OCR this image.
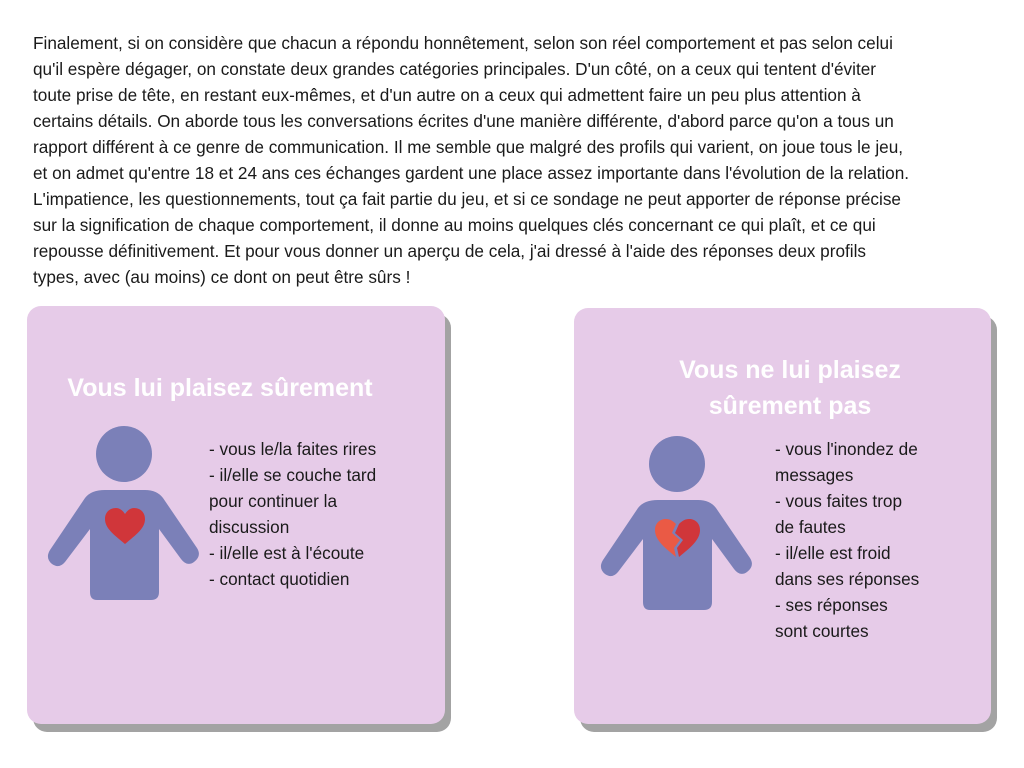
Finalement, si on considère que chacun a répondu honnêtement, selon son réel comportement et pas selon celui
qu'il espère dégager, on constate deux grandes catégories principales. D'un côté, on a ceux qui tentent d'éviter
toute prise de tête, en restant eux-mêmes, et d'un autre on a ceux qui admettent faire un peu plus attention à
certains détails. On aborde tous les conversations écrites d'une manière différente, d'abord parce qu'on a tous un
rapport différent à ce genre de communication. Il me semble que malgré des profils qui varient, on joue tous le jeu,
et on admet qu'entre 18 et 24 ans ces échanges gardent une place assez importante dans l'évolution de la relation.
L'impatience, les questionnements, tout ça fait partie du jeu, et si ce sondage ne peut apporter de réponse précise
sur la signification de chaque comportement, il donne au moins quelques clés concernant ce qui plaît, et ce qui
repousse définitivement. Et pour vous donner un aperçu de cela, j'ai dressé à l'aide des réponses deux profils
types, avec (au moins) ce dont on peut être sûrs !

Vous lui plaisez sûrement
- vous le/la faites rires
- il/elle se couche tard
pour continuer la
discussion
- il/elle est à l'écoute
- contact quotidien
Vous ne lui plaisez
sûrement pas
- vous l'inondez de
messages
- vous faites trop
de fautes
- il/elle est froid
dans ses réponses
- ses réponses
sont courtes
